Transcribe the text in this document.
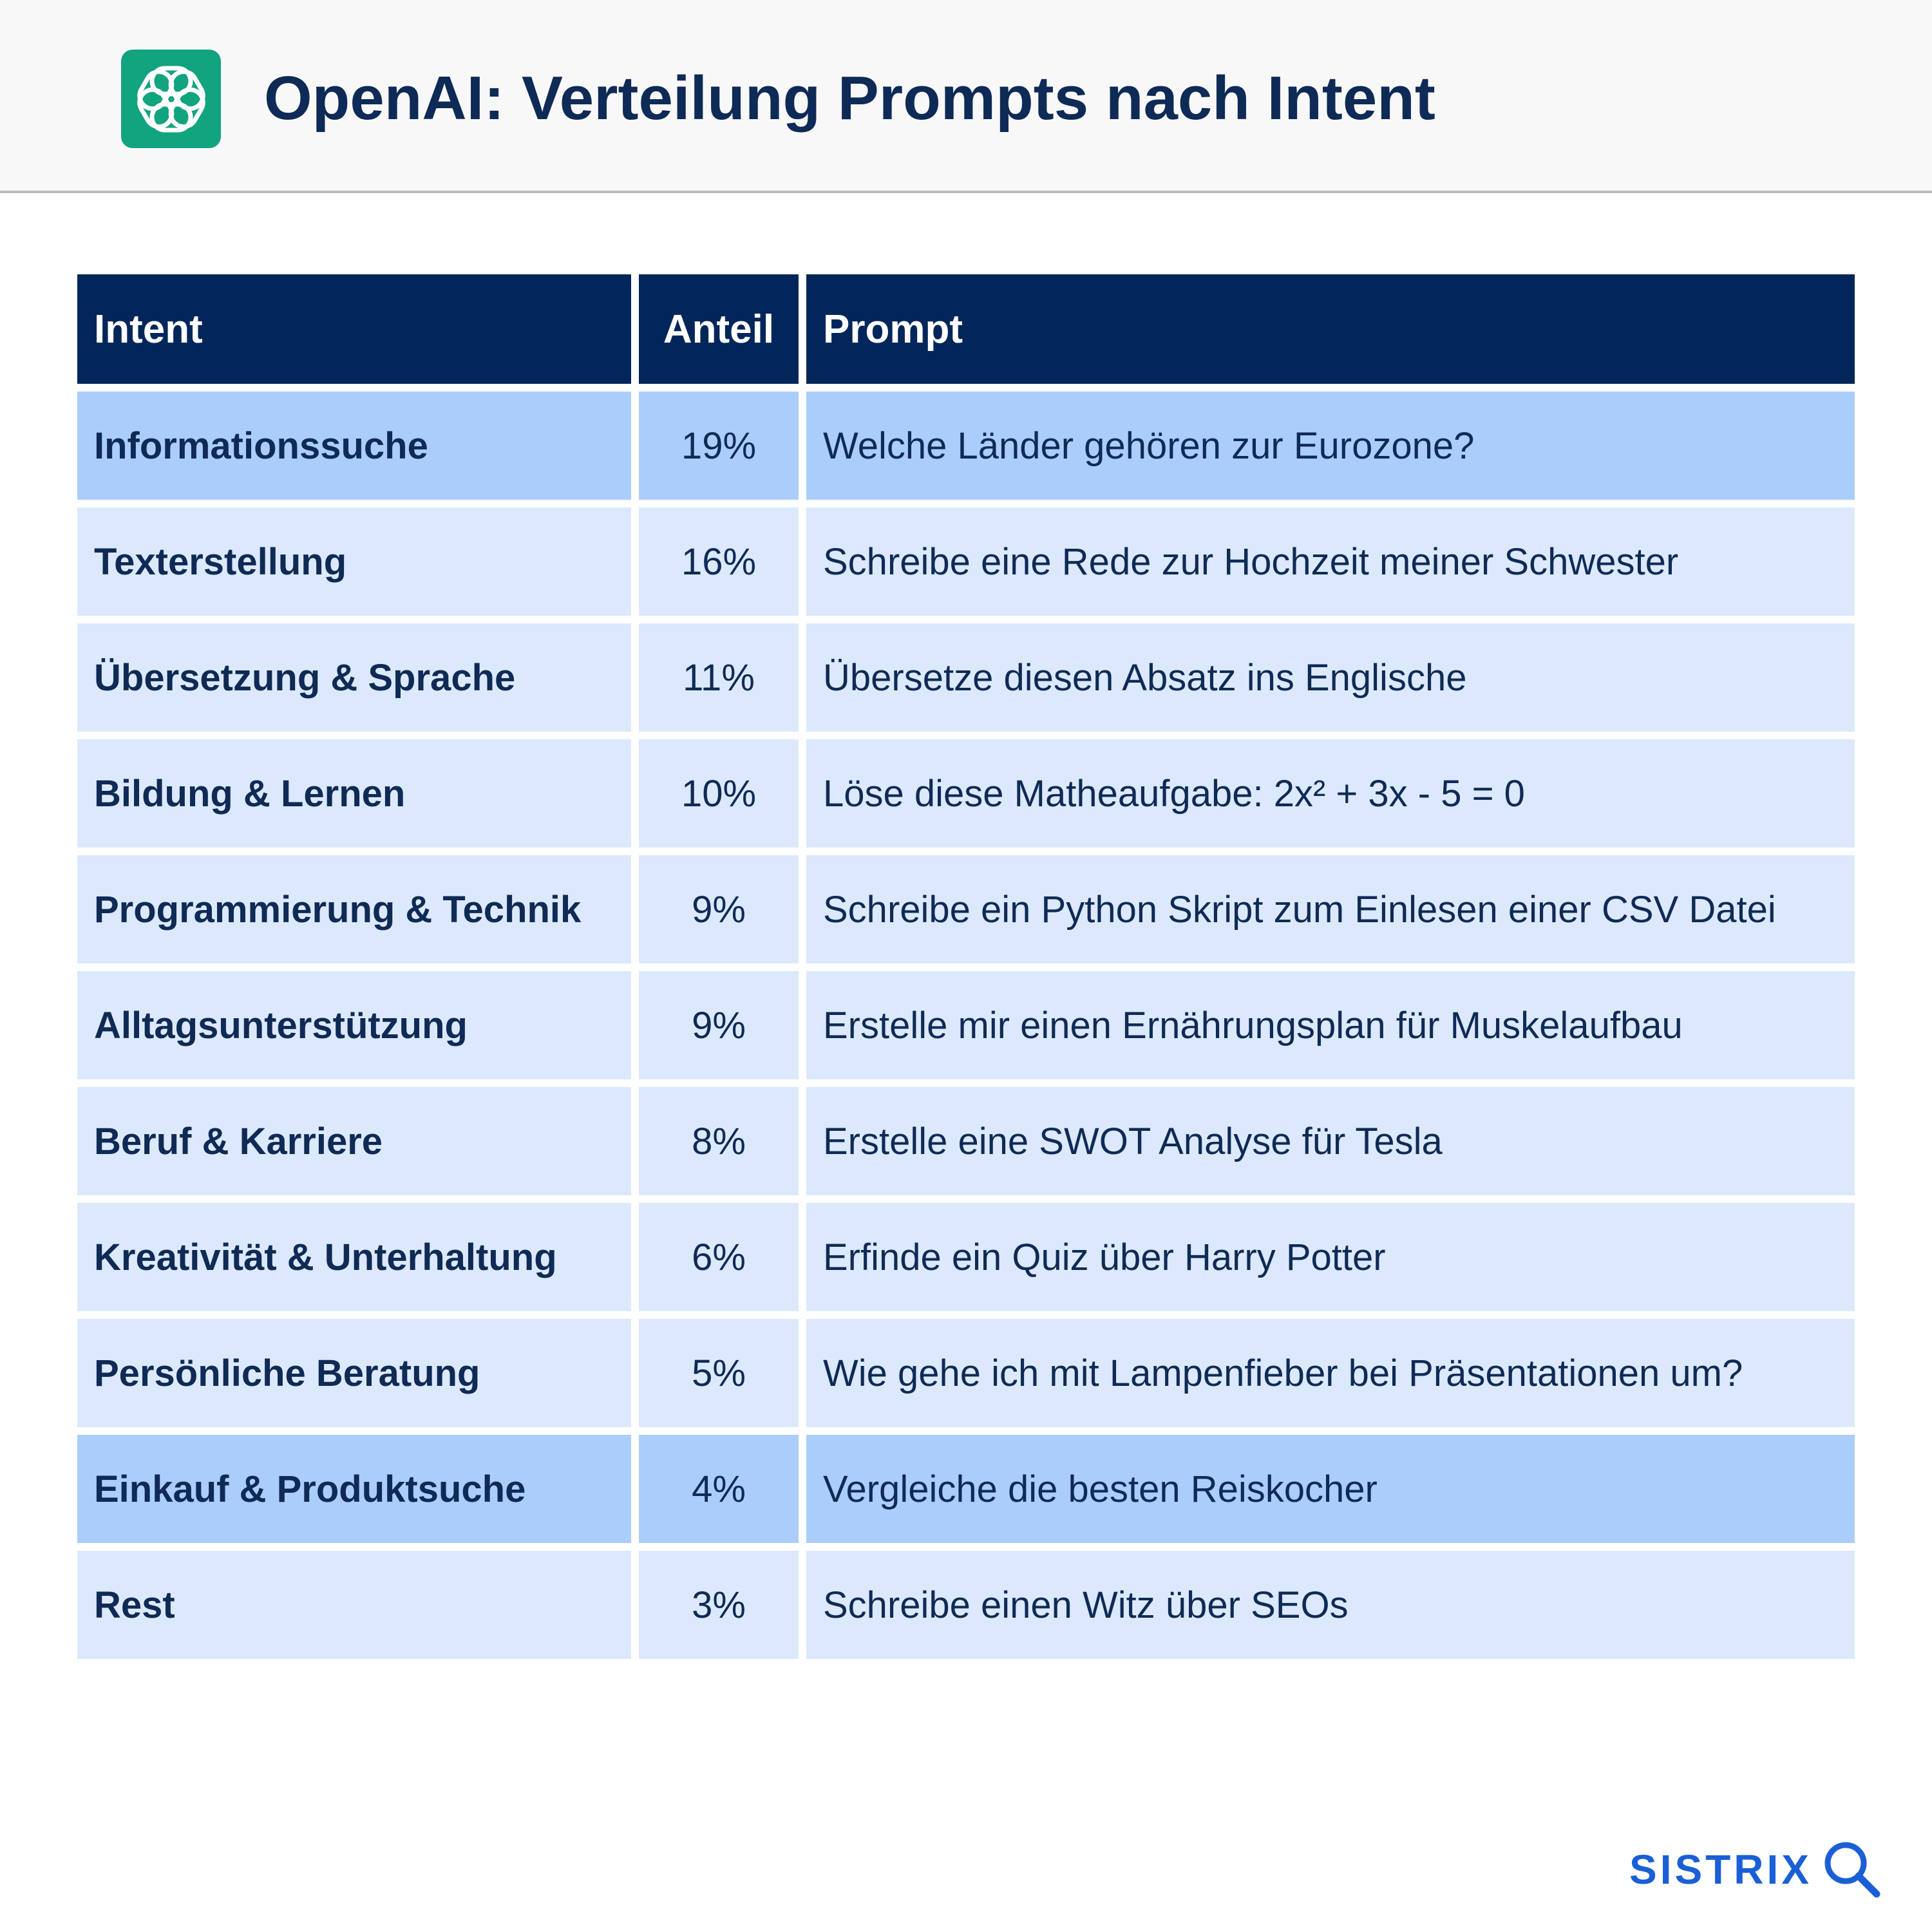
OpenAI: Verteilung Prompts nach Intent
Intent	Anteil	Prompt
Informationssuche	19%	Welche Länder gehören zur Eurozone?
Texterstellung	16%	Schreibe eine Rede zur Hochzeit meiner Schwester
Übersetzung & Sprache	11%	Übersetze diesen Absatz ins Englische
Bildung & Lernen	10%	Löse diese Matheaufgabe: 2x² + 3x - 5 = 0
Programmierung & Technik	9%	Schreibe ein Python Skript zum Einlesen einer CSV Datei
Alltagsunterstützung	9%	Erstelle mir einen Ernährungsplan für Muskelaufbau
Beruf & Karriere	8%	Erstelle eine SWOT Analyse für Tesla
Kreativität & Unterhaltung	6%	Erfinde ein Quiz über Harry Potter
Persönliche Beratung	5%	Wie gehe ich mit Lampenfieber bei Präsentationen um?
Einkauf & Produktsuche	4%	Vergleiche die besten Reiskocher
Rest	3%	Schreibe einen Witz über SEOs
SISTRIX
